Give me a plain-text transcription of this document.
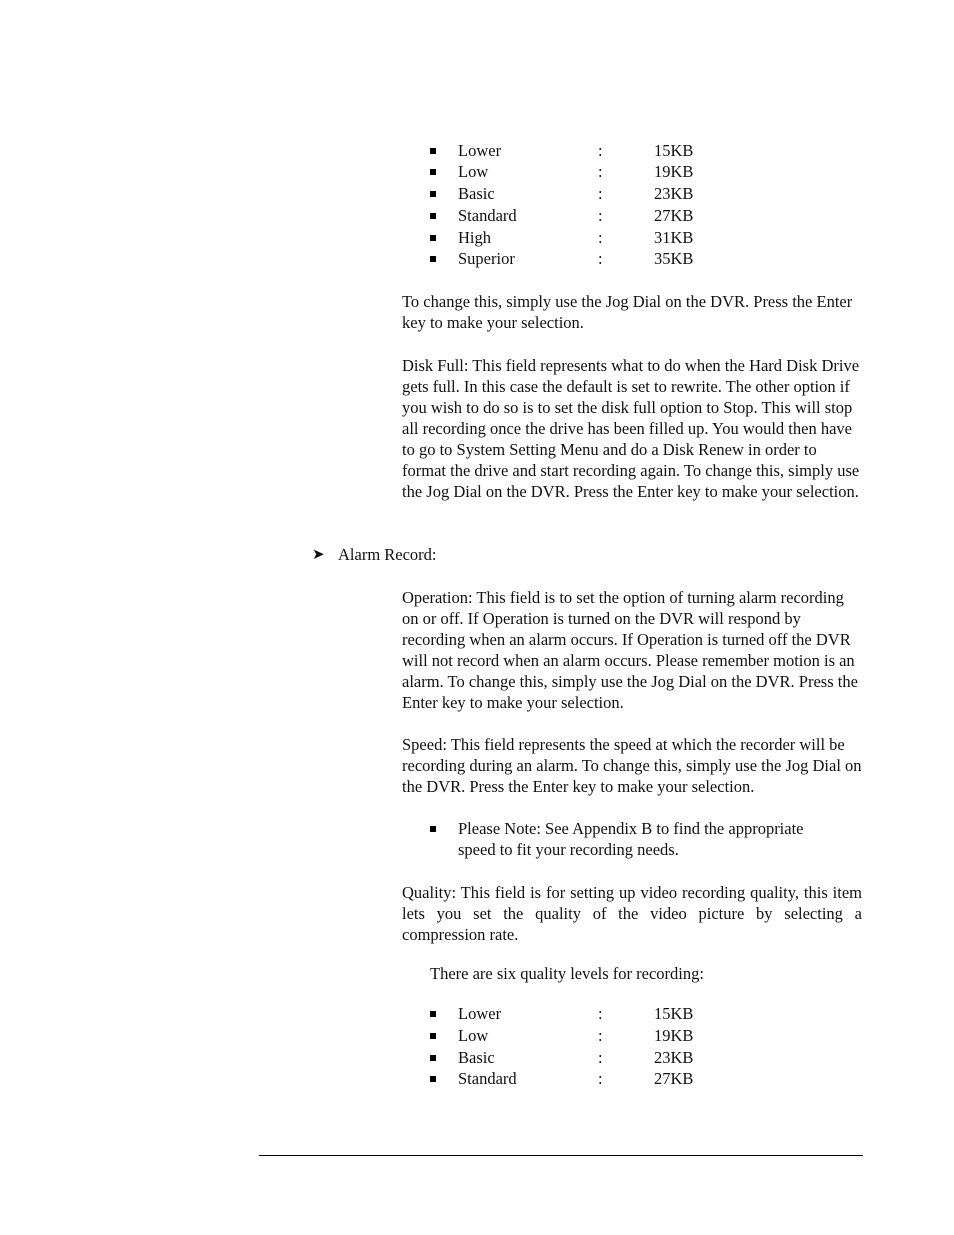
Lower	:	15KB
Low	:	19KB
Basic	:	23KB
Standard	:	27KB
High	:	31KB
Superior	:	35KB

To change this, simply use the Jog Dial on the DVR. Press the Enter key to make your selection.

Disk Full: This field represents what to do when the Hard Disk Drive gets full. In this case the default is set to rewrite. The other option if you wish to do so is to set the disk full option to Stop. This will stop all recording once the drive has been filled up. You would then have to go to System Setting Menu and do a Disk Renew in order to format the drive and start recording again. To change this, simply use the Jog Dial on the DVR. Press the Enter key to make your selection.

➤ Alarm Record:

Operation: This field is to set the option of turning alarm recording on or off. If Operation is turned on the DVR will respond by recording when an alarm occurs. If Operation is turned off the DVR will not record when an alarm occurs. Please remember motion is an alarm. To change this, simply use the Jog Dial on the DVR. Press the Enter key to make your selection.

Speed: This field represents the speed at which the recorder will be recording during an alarm. To change this, simply use the Jog Dial on the DVR. Press the Enter key to make your selection.

Please Note: See Appendix B to find the appropriate speed to fit your recording needs.

Quality: This field is for setting up video recording quality, this item lets you set the quality of the video picture by selecting a compression rate.

There are six quality levels for recording:
Lower	:	15KB
Low	:	19KB
Basic	:	23KB
Standard	:	27KB
